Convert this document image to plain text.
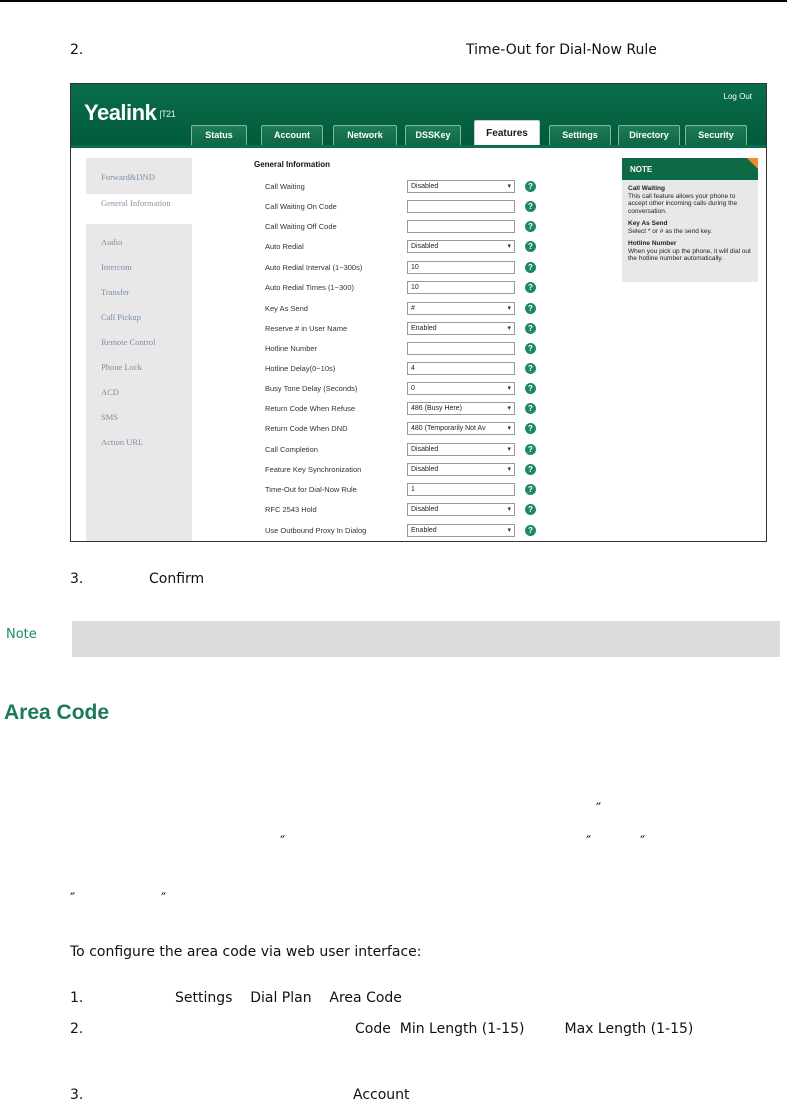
2.	Time-Out for Dial-Now Rule
Yealink |T21
Log Out
Status	Account	Network	DSSKey	Features	Settings	Directory	Security
Forward&DND
General Information
Audio
Intercom
Transfer
Call Pickup
Remote Control
Phone Lock
ACD
SMS
Action URL
General Information
Call Waiting	Disabled ▾	?
Call Waiting On Code	?
Call Waiting Off Code	?
Auto Redial	Disabled ▾	?
Auto Redial Interval (1~300s)	10	?
Auto Redial Times (1~300)	10	?
Key As Send	# ▾	?
Reserve # in User Name	Enabled ▾	?
Hotline Number	?
Hotline Delay(0~10s)	4	?
Busy Tone Delay (Seconds)	0 ▾	?
Return Code When Refuse	486 (Busy Here) ▾	?
Return Code When DND	480 (Temporarily Not Av ▾	?
Call Completion	Disabled ▾	?
Feature Key Synchronization	Disabled ▾	?
Time-Out for Dial-Now Rule	1	?
RFC 2543 Hold	Disabled ▾	?
Use Outbound Proxy In Dialog	Enabled ▾	?
NOTE

Call Waiting
This call feature allows your phone to accept other incoming calls during the conversation.

Key As Send
Select * or # as the send key.

Hotline Number
When you pick up the phone, it will dial out the hotline number automatically.

3.	Confirm
Note
Area Code
″
″	″	″
″	″
To configure the area code via web user interface:
1.	Settings    Dial Plan    Area Code
2.	Code  Min Length (1-15)         Max Length (1-15)
3.	Account
